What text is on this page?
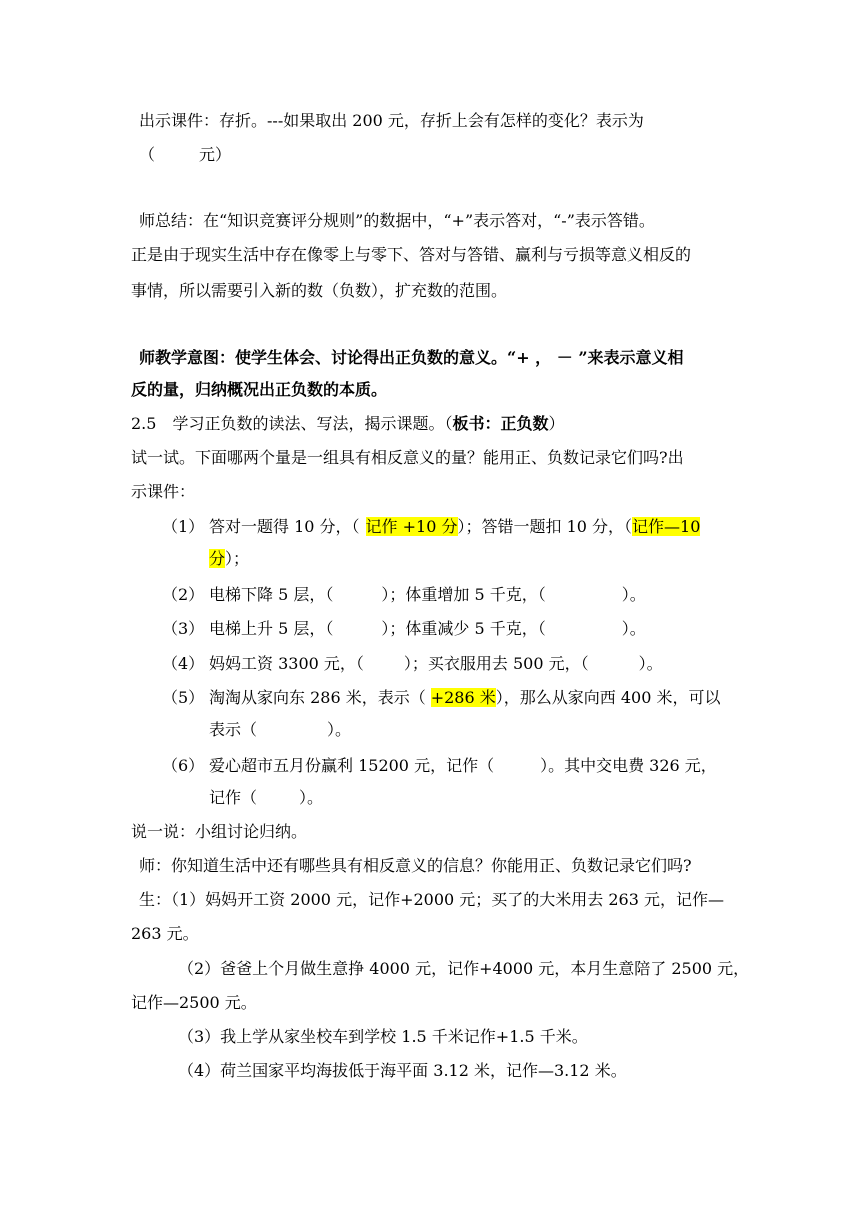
出示课件：存折。---如果取出 200 元，存折上会有怎样的变化？表示为
（	元）
师总结：在“知识竞赛评分规则”的数据中，“+”表示答对，“-”表示答错。
正是由于现实生活中存在像零上与零下、答对与答错、赢利与亏损等意义相反的
事情，所以需要引入新的数（负数），扩充数的范围。
师教学意图：使学生体会、讨论得出正负数的意义。“+ ， － ”来表示意义相
反的量，归纳概况出正负数的本质。
2.5　学习正负数的读法、写法，揭示课题。（板书：正负数）
试一试。下面哪两个量是一组具有相反意义的量？能用正、负数记录它们吗?出
示课件：
（1） 答对一题得 10 分，（ 记作 +10 分）；答错一题扣 10 分，（记作—10
分）；
（2） 电梯下降 5 层，（	）；体重增加 5 千克，（	）。
（3） 电梯上升 5 层，（	）；体重减少 5 千克，（	）。
（4） 妈妈工资 3300 元，（	）；买衣服用去 500 元，（	）。
（5） 淘淘从家向东 286 米，表示（ +286 米），那么从家向西 400 米，可以
表示（	）。
（6） 爱心超市五月份赢利 15200 元，记作（	）。其中交电费 326 元，
记作（	）。
说一说：小组讨论归纳。
师：你知道生活中还有哪些具有相反意义的信息？你能用正、负数记录它们吗?
生：（1）妈妈开工资 2000 元，记作+2000 元；买了的大米用去 263 元，记作—
263 元。
（2）爸爸上个月做生意挣 4000 元，记作+4000 元，本月生意陪了 2500 元，
记作—2500 元。
（3）我上学从家坐校车到学校 1.5 千米记作+1.5 千米。
（4）荷兰国家平均海拔低于海平面 3.12 米，记作—3.12 米。
